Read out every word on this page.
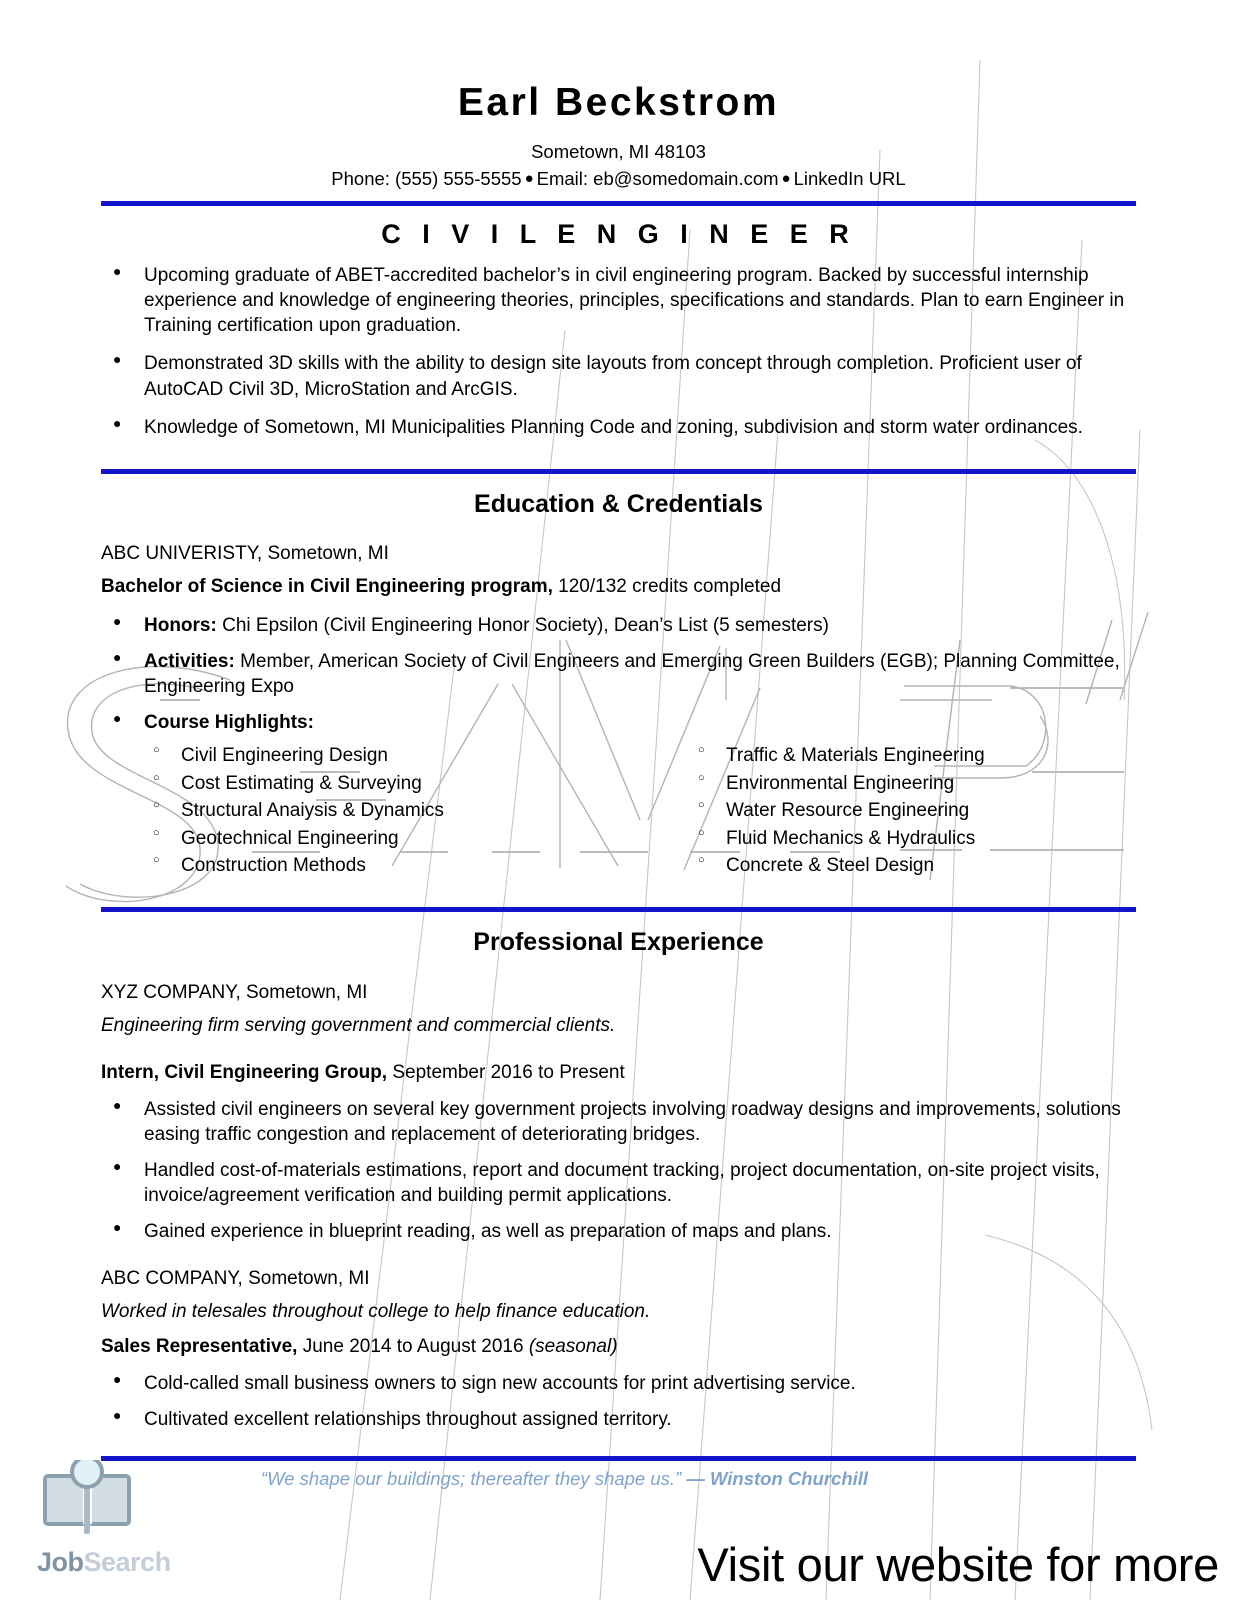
Earl Beckstrom
Sometown, MI 48103
Phone: (555) 555-5555 ● Email: eb@somedomain.com ● LinkedIn URL
C I V I L E N G I N E E R
● Upcoming graduate of ABET-accredited bachelor’s in civil engineering program. Backed by successful internship experience and knowledge of engineering theories, principles, specifications and standards. Plan to earn Engineer in Training certification upon graduation.
● Demonstrated 3D skills with the ability to design site layouts from concept through completion. Proficient user of AutoCAD Civil 3D, MicroStation and ArcGIS.
● Knowledge of Sometown, MI Municipalities Planning Code and zoning, subdivision and storm water ordinances.
Education & Credentials
ABC UNIVERISTY, Sometown, MI
Bachelor of Science in Civil Engineering program, 120/132 credits completed
● Honors: Chi Epsilon (Civil Engineering Honor Society), Dean’s List (5 semesters)
● Activities: Member, American Society of Civil Engineers and Emerging Green Builders (EGB); Planning Committee, Engineering Expo
● Course Highlights:
○ Civil Engineering Design
○ Cost Estimating & Surveying
○ Structural Anaiysis & Dynamics
○ Geotechnical Engineering
○ Construction Methods
○ Traffic & Materials Engineering
○ Environmental Engineering
○ Water Resource Engineering
○ Fluid Mechanics & Hydraulics
○ Concrete & Steel Design
Professional Experience
XYZ COMPANY, Sometown, MI
Engineering firm serving government and commercial clients.
Intern, Civil Engineering Group, September 2016 to Present
● Assisted civil engineers on several key government projects involving roadway designs and improvements, solutions easing traffic congestion and replacement of deteriorating bridges.
● Handled cost-of-materials estimations, report and document tracking, project documentation, on-site project visits, invoice/agreement verification and building permit applications.
● Gained experience in blueprint reading, as well as preparation of maps and plans.
ABC COMPANY, Sometown, MI
Worked in telesales throughout college to help finance education.
Sales Representative, June 2014 to August 2016 (seasonal)
● Cold-called small business owners to sign new accounts for print advertising service.
● Cultivated excellent relationships throughout assigned territory.
“We shape our buildings; thereafter they shape us.” — Winston Churchill
JobSearch	Visit our website for more
